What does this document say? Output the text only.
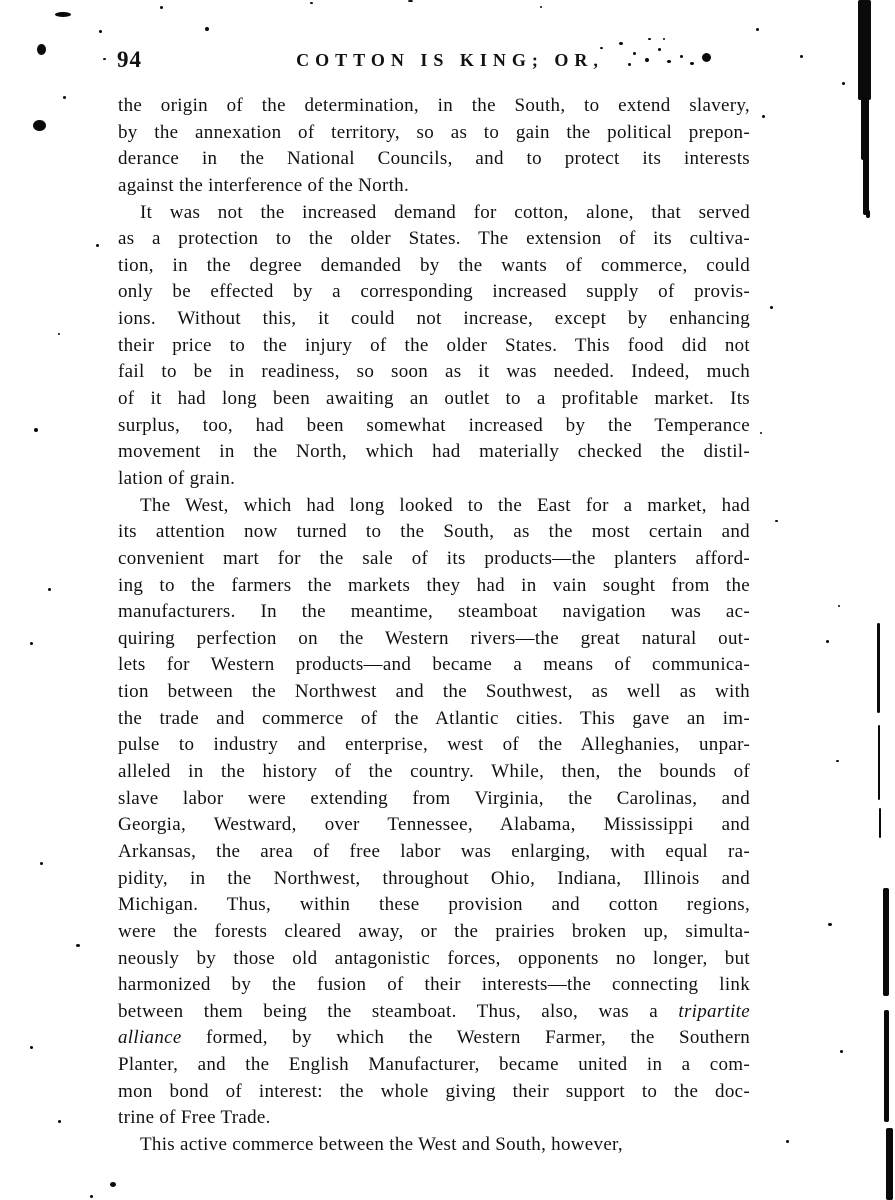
94	COTTON IS KING; OR,
the origin of the determination, in the South, to extend slavery,
by the annexation of territory, so as to gain the political prepon-
derance in the National Councils, and to protect its interests
against the interference of the North.
It was not the increased demand for cotton, alone, that served
as a protection to the older States. The extension of its cultiva-
tion, in the degree demanded by the wants of commerce, could
only be effected by a corresponding increased supply of provis-
ions. Without this, it could not increase, except by enhancing
their price to the injury of the older States. This food did not
fail to be in readiness, so soon as it was needed. Indeed, much
of it had long been awaiting an outlet to a profitable market. Its
surplus, too, had been somewhat increased by the Temperance
movement in the North, which had materially checked the distil-
lation of grain.
The West, which had long looked to the East for a market, had
its attention now turned to the South, as the most certain and
convenient mart for the sale of its products—the planters afford-
ing to the farmers the markets they had in vain sought from the
manufacturers. In the meantime, steamboat navigation was ac-
quiring perfection on the Western rivers—the great natural out-
lets for Western products—and became a means of communica-
tion between the Northwest and the Southwest, as well as with
the trade and commerce of the Atlantic cities. This gave an im-
pulse to industry and enterprise, west of the Alleghanies, unpar-
alleled in the history of the country. While, then, the bounds of
slave labor were extending from Virginia, the Carolinas, and
Georgia, Westward, over Tennessee, Alabama, Mississippi and
Arkansas, the area of free labor was enlarging, with equal ra-
pidity, in the Northwest, throughout Ohio, Indiana, Illinois and
Michigan. Thus, within these provision and cotton regions,
were the forests cleared away, or the prairies broken up, simulta-
neously by those old antagonistic forces, opponents no longer, but
harmonized by the fusion of their interests—the connecting link
between them being the steamboat. Thus, also, was a tripartite
alliance formed, by which the Western Farmer, the Southern
Planter, and the English Manufacturer, became united in a com-
mon bond of interest: the whole giving their support to the doc-
trine of Free Trade.
This active commerce between the West and South, however,
